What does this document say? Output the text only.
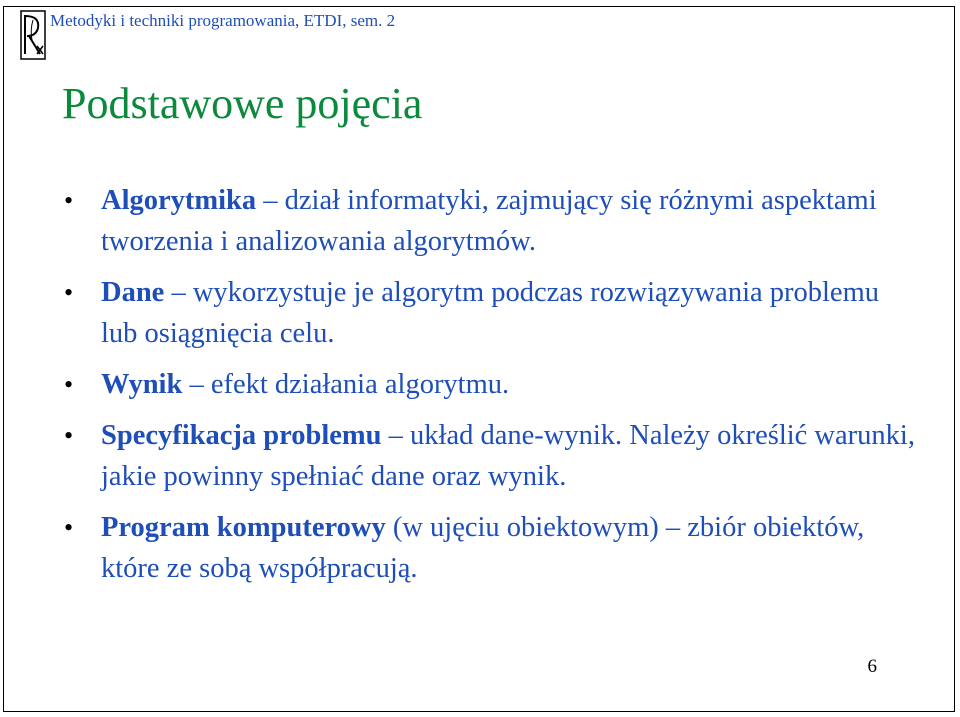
Metodyki i techniki programowania, ETDI, sem. 2
Podstawowe pojęcia
• Algorytmika – dział informatyki, zajmujący się różnymi aspektami tworzenia i analizowania algorytmów.
• Dane – wykorzystuje je algorytm podczas rozwiązywania problemu lub osiągnięcia celu.
• Wynik – efekt działania algorytmu.
• Specyfikacja problemu – układ dane-wynik. Należy określić warunki, jakie powinny spełniać dane oraz wynik.
• Program komputerowy (w ujęciu obiektowym) – zbiór obiektów, które ze sobą współpracują.
6
